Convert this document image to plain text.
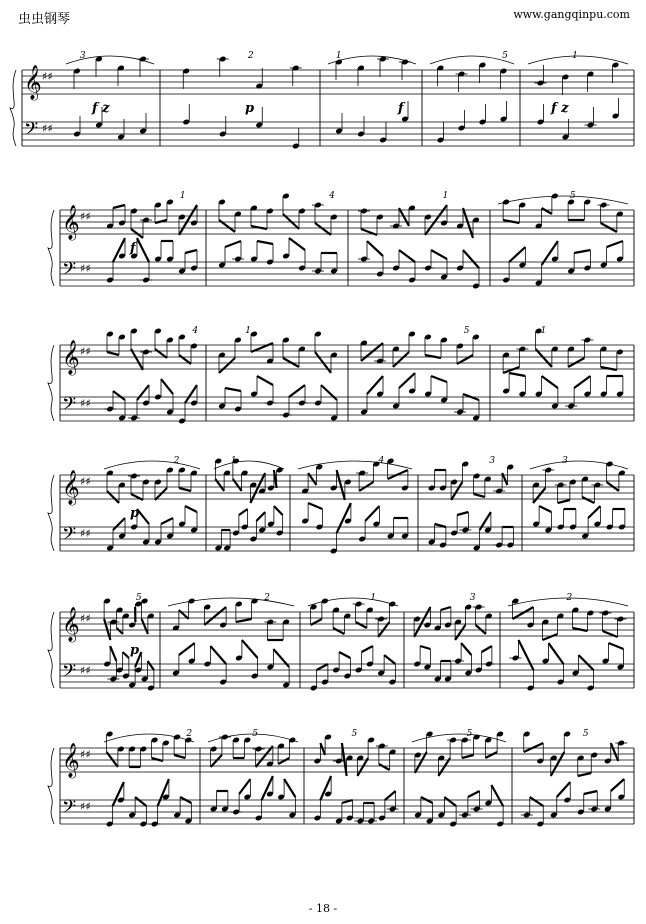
虫虫钢琴	www.gangqinpu.com
𝄞 ♯♯
𝄢 ♯♯
3	2	1	5	1
f z	p	f	f z
𝄞 ♯♯
𝄢 ♯♯
1	4	1	5
f
𝄞 ♯♯
𝄢 ♯♯
4	1	5	1
𝄞 ♯♯
𝄢 ♯♯
2	1	4	3	3
p
𝄞 ♯♯
𝄢 ♯♯
5	2	1	3	2
p
𝄞 ♯♯
𝄢 ♯♯
2	5	5	5	5
- 18 -
